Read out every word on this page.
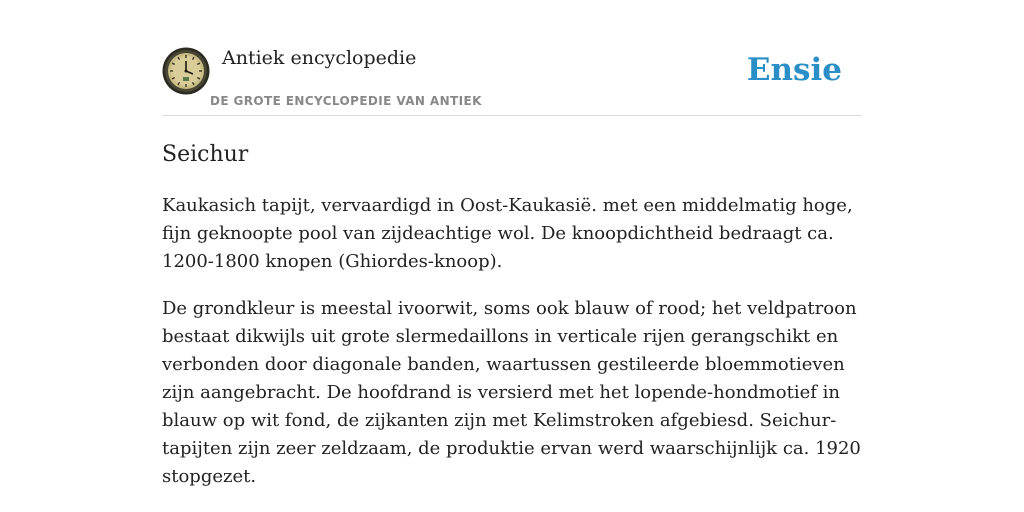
Antiek encyclopedie
DE GROTE ENCYCLOPEDIE VAN ANTIEK
Ensie
Seichur

Kaukasich tapijt, vervaardigd in Oost-Kaukasië. met een middelmatig hoge, fijn geknoopte pool van zijdeachtige wol. De knoopdichtheid bedraagt ca. 1200-1800 knopen (Ghiordes-knoop).

De grondkleur is meestal ivoorwit, soms ook blauw of rood; het veldpatroon bestaat dikwijls uit grote slermedaillons in verticale rijen gerangschikt en verbonden door diagonale banden, waartussen gestileerde bloemmotieven zijn aangebracht. De hoofdrand is versierd met het lopende-hondmotief in blauw op wit fond, de zijkanten zijn met Kelimstroken afgebiesd. Seichur-tapijten zijn zeer zeldzaam, de produktie ervan werd waarschijnlijk ca. 1920 stopgezet.
